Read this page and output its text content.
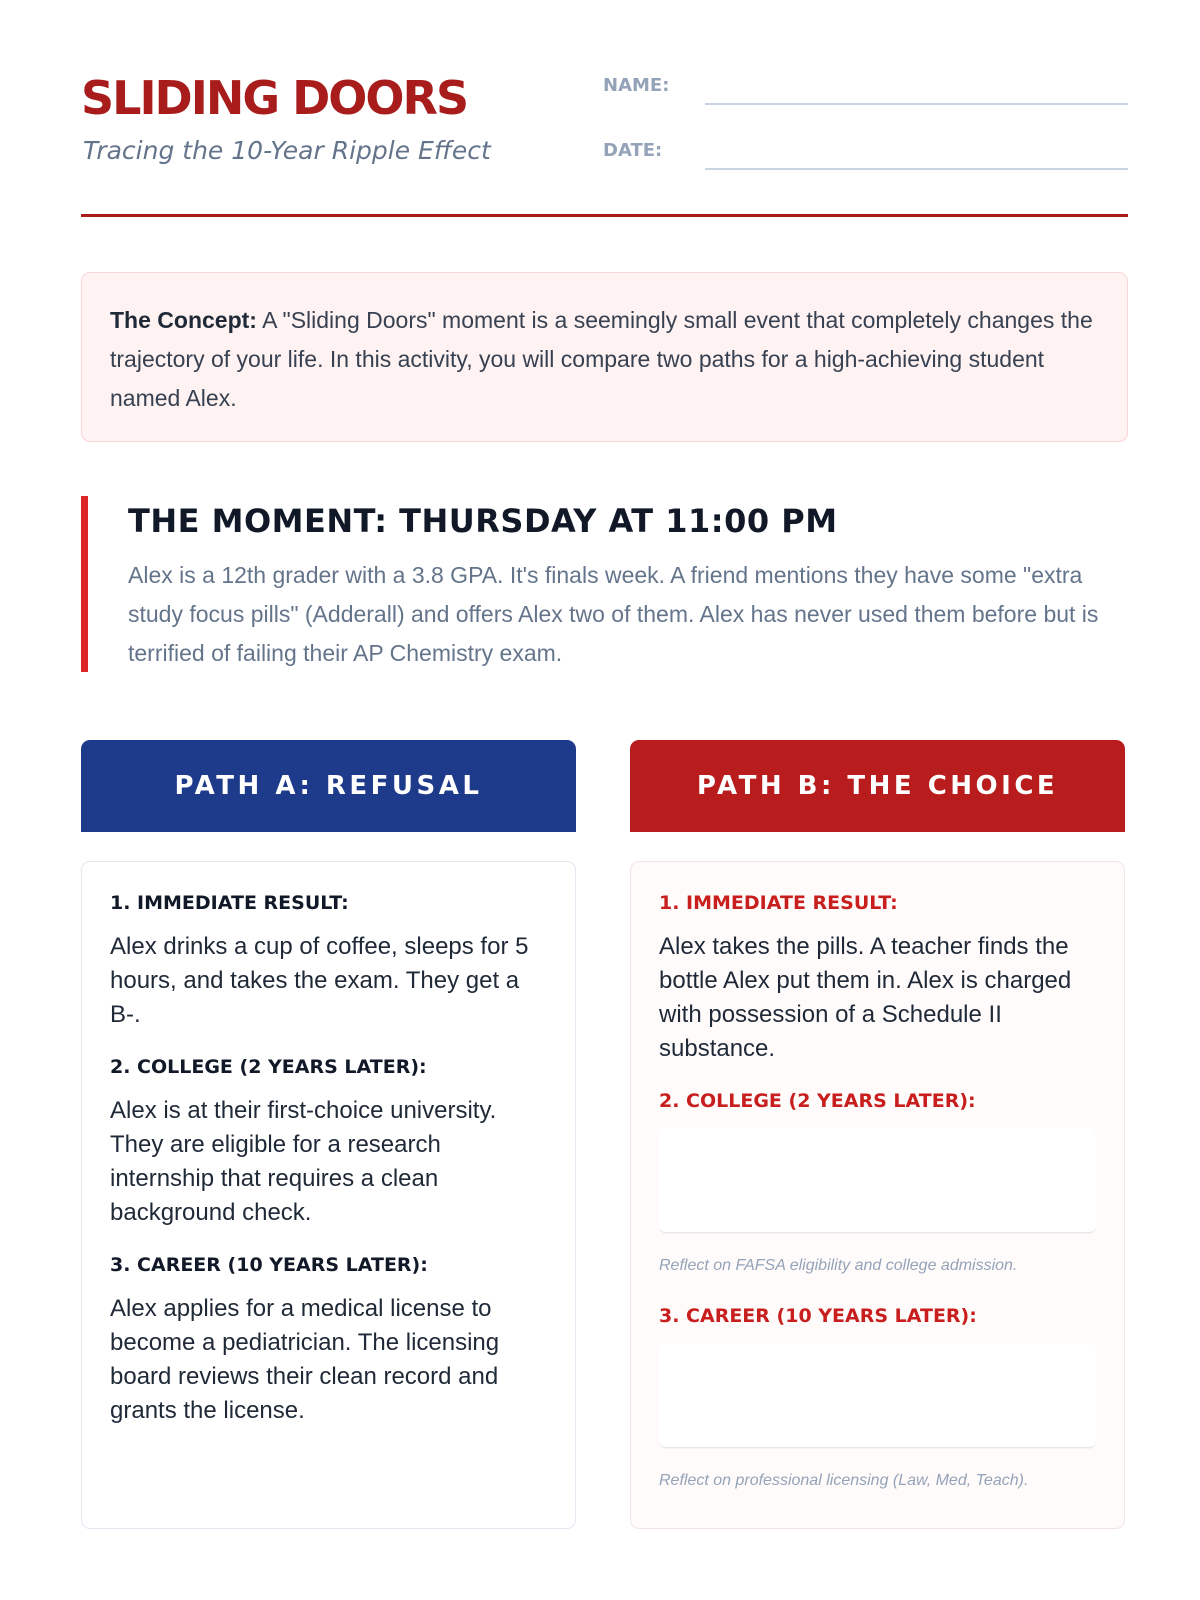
SLIDING DOORS
Tracing the 10-Year Ripple Effect
NAME:
DATE:

The Concept: A "Sliding Doors" moment is a seemingly small event that completely changes the trajectory of your life. In this activity, you will compare two paths for a high-achieving student named Alex.

THE MOMENT: THURSDAY AT 11:00 PM

Alex is a 12th grader with a 3.8 GPA. It's finals week. A friend mentions they have some "extra study focus pills" (Adderall) and offers Alex two of them. Alex has never used them before but is terrified of failing their AP Chemistry exam.

PATH A: REFUSAL	PATH B: THE CHOICE
1. IMMEDIATE RESULT:
Alex drinks a cup of coffee, sleeps for 5 hours, and takes the exam. They get a B-.
2. COLLEGE (2 YEARS LATER):
Alex is at their first-choice university. They are eligible for a research internship that requires a clean background check.
3. CAREER (10 YEARS LATER):
Alex applies for a medical license to become a pediatrician. The licensing board reviews their clean record and grants the license.
1. IMMEDIATE RESULT:
Alex takes the pills. A teacher finds the bottle Alex put them in. Alex is charged with possession of a Schedule II substance.
2. COLLEGE (2 YEARS LATER):
Reflect on FAFSA eligibility and college admission.
3. CAREER (10 YEARS LATER):
Reflect on professional licensing (Law, Med, Teach).
